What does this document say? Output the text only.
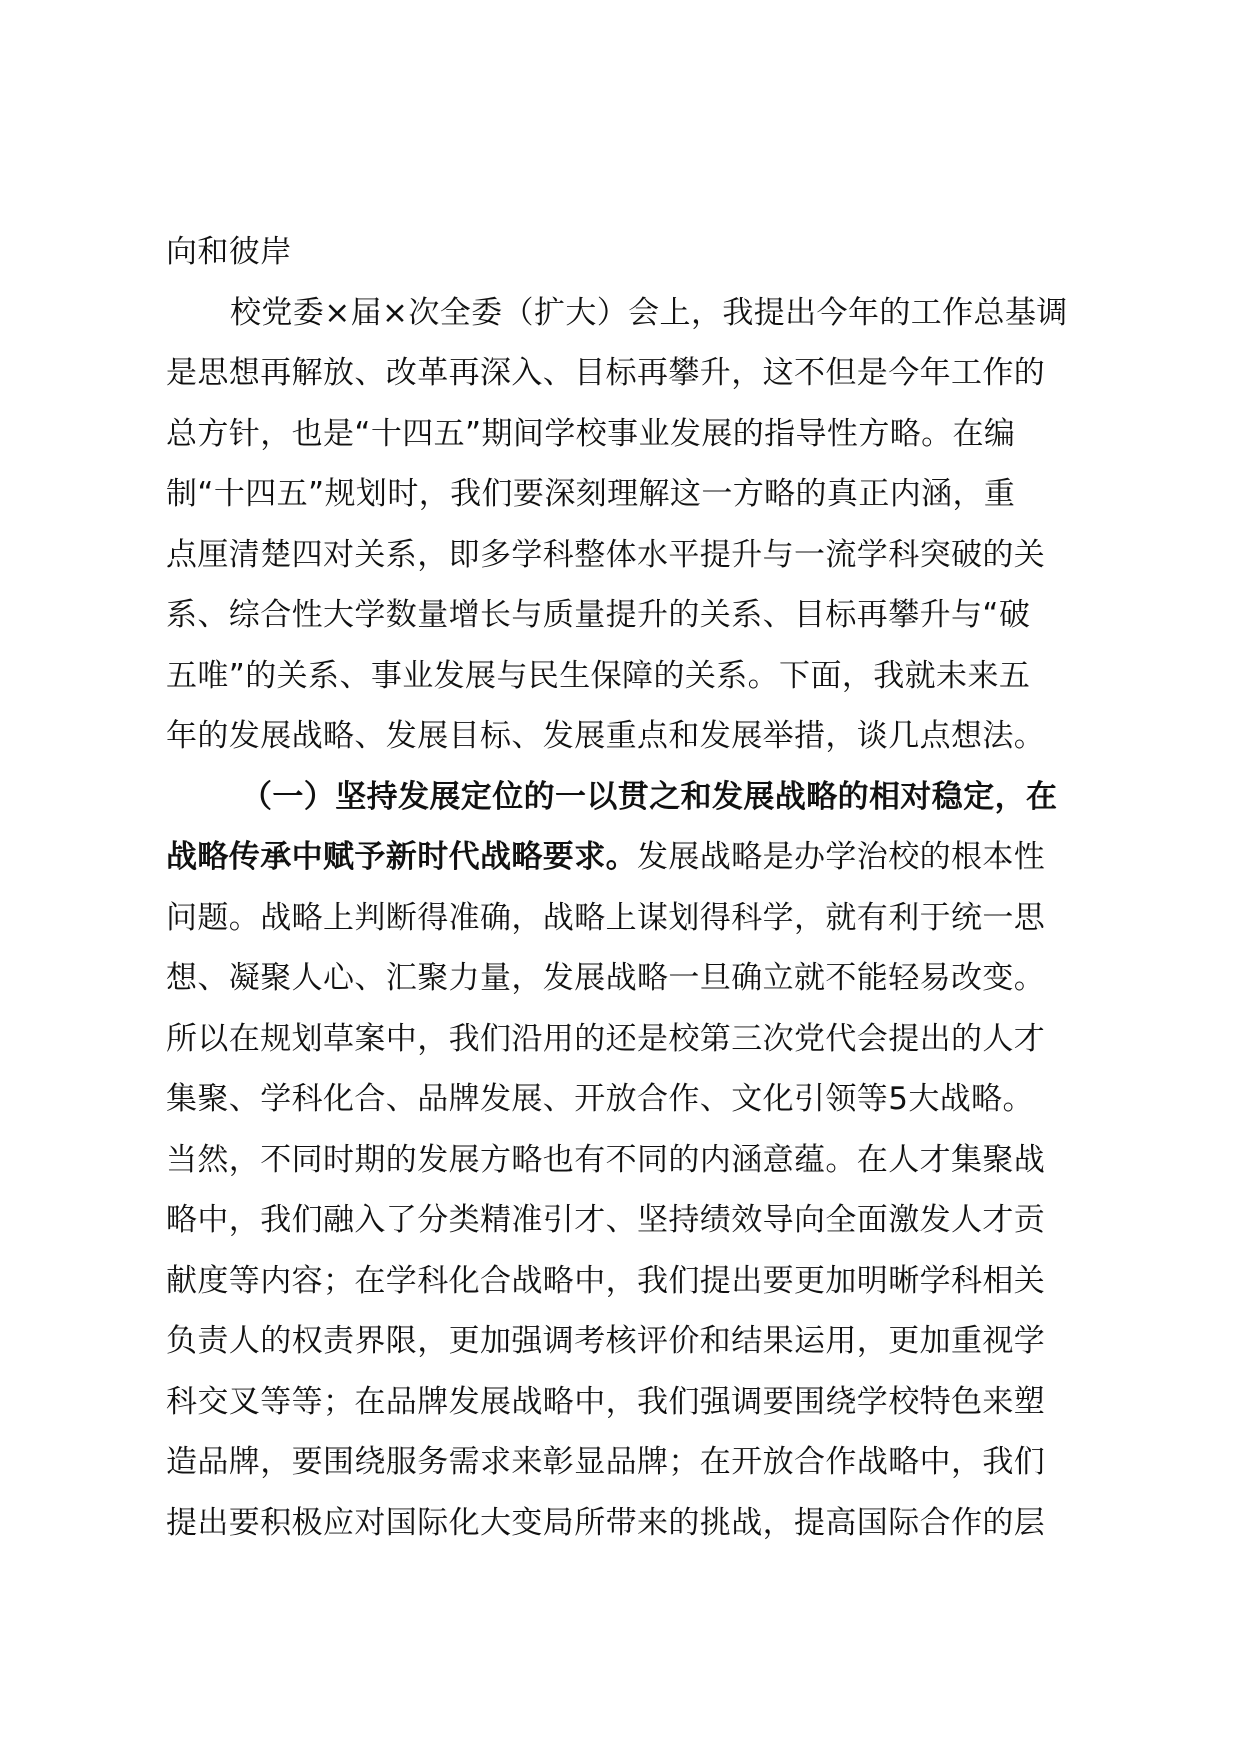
向和彼岸
校党委×届×次全委（扩大）会上，我提出今年的工作总基调
是思想再解放、改革再深入、目标再攀升，这不但是今年工作的
总方针，也是“十四五”期间学校事业发展的指导性方略。在编
制“十四五”规划时，我们要深刻理解这一方略的真正内涵，重
点厘清楚四对关系，即多学科整体水平提升与一流学科突破的关
系、综合性大学数量增长与质量提升的关系、目标再攀升与“破
五唯”的关系、事业发展与民生保障的关系。下面，我就未来五
年的发展战略、发展目标、发展重点和发展举措，谈几点想法。
（一）坚持发展定位的一以贯之和发展战略的相对稳定，在
战略传承中赋予新时代战略要求。发展战略是办学治校的根本性
问题。战略上判断得准确，战略上谋划得科学，就有利于统一思
想、凝聚人心、汇聚力量，发展战略一旦确立就不能轻易改变。
所以在规划草案中，我们沿用的还是校第三次党代会提出的人才
集聚、学科化合、品牌发展、开放合作、文化引领等5大战略。
当然，不同时期的发展方略也有不同的内涵意蕴。在人才集聚战
略中，我们融入了分类精准引才、坚持绩效导向全面激发人才贡
献度等内容；在学科化合战略中，我们提出要更加明晰学科相关
负责人的权责界限，更加强调考核评价和结果运用，更加重视学
科交叉等等；在品牌发展战略中，我们强调要围绕学校特色来塑
造品牌，要围绕服务需求来彰显品牌；在开放合作战略中，我们
提出要积极应对国际化大变局所带来的挑战，提高国际合作的层
